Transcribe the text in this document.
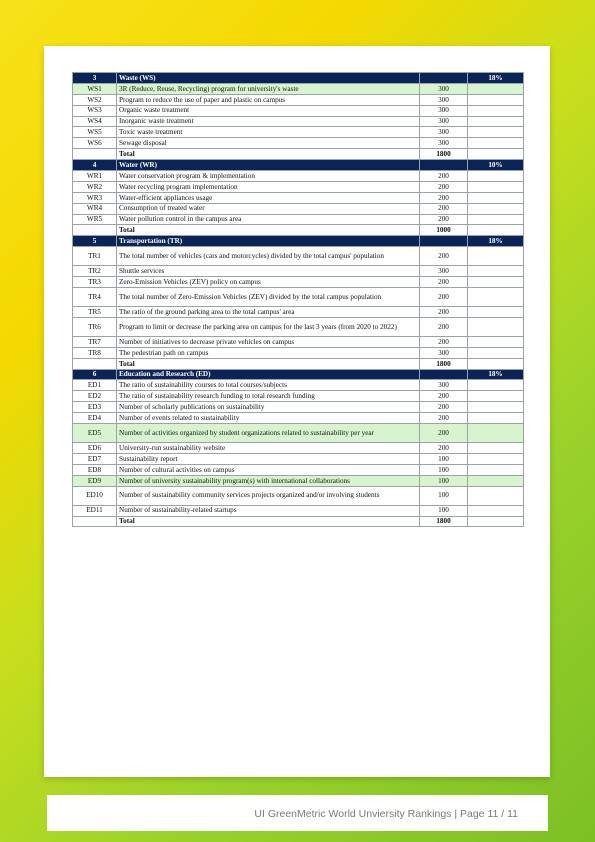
3	Waste (WS)		18%
WS1	3R (Reduce, Reuse, Recycling) program for university's waste	300	
WS2	Program to reduce the use of paper and plastic on campus	300	
WS3	Organic waste treatment	300	
WS4	Inorganic waste treatment	300	
WS5	Toxic waste treatment	300	
WS6	Sewage disposal	300	
	Total	1800	
4	Water (WR)		10%
WR1	Water conservation program & implementation	200	
WR2	Water recycling program implementation	200	
WR3	Water-efficient appliances usage	200	
WR4	Consumption of treated water	200	
WR5	Water pollution control in the campus area	200	
	Total	1000	
5	Transportation (TR)		18%
TR1	The total number of vehicles (cars and motorcycles) divided by the total campus' population	200	
TR2	Shuttle services	300	
TR3	Zero-Emission Vehicles (ZEV) policy on campus	200	
TR4	The total number of Zero-Emission Vehicles (ZEV) divided by the total campus population	200	
TR5	The ratio of the ground parking area to the total campus' area	200	
TR6	Program to limit or decrease the parking area on campus for the last 3 years (from 2020 to 2022)	200	
TR7	Number of initiatives to decrease private vehicles on campus	200	
TR8	The pedestrian path on campus	300	
	Total	1800	
6	Education and Research (ED)		18%
ED1	The ratio of sustainability courses to total courses/subjects	300	
ED2	The ratio of sustainability research funding to total research funding	200	
ED3	Number of scholarly publications on sustainability	200	
ED4	Number of events related to sustainability	200	
ED5	Number of activities organized by student organizations related to sustainability per year	200	
ED6	University-run sustainability website	200	
ED7	Sustainability report	100	
ED8	Number of cultural activities on campus	100	
ED9	Number of university sustainability program(s) with international collaborations	100	
ED10	Number of sustainability community services projects organized and/or involving students	100	
ED11	Number of sustainability-related startups	100	
	Total	1800	
UI GreenMetric World Unviersity Rankings | Page 11 / 11
